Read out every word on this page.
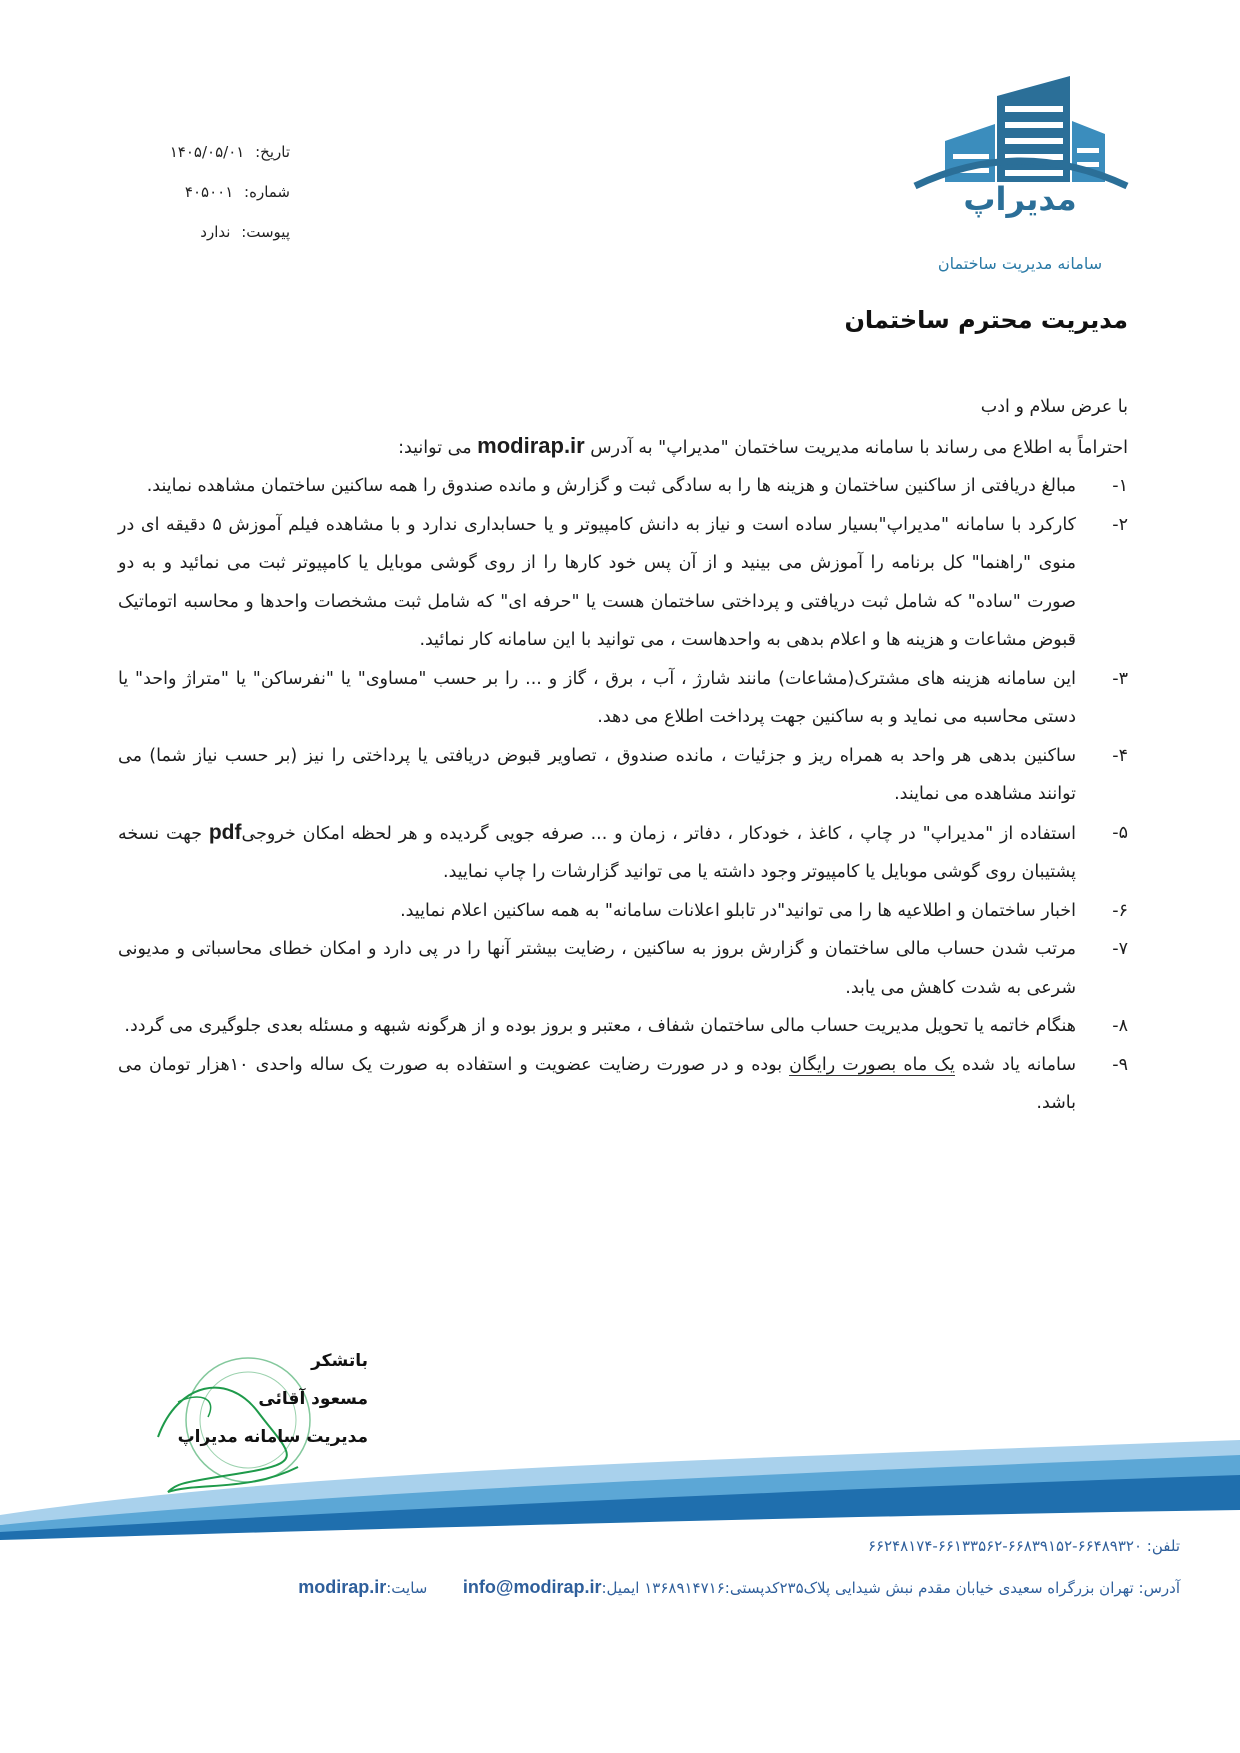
تاریخ: ۱۴۰۵/۰۵/۰۱
شماره: ۴۰۵۰۰۱
پیوست: ندارد
مدیراپ
سامانه مدیریت ساختمان
مدیریت محترم ساختمان

با عرض سلام و ادب

احتراماً به اطلاع می رساند با سامانه مدیریت ساختمان "مدیراپ" به آدرس modirap.ir می توانید:

۱-
مبالغ دریافتی از ساکنین ساختمان و هزینه ها را به سادگی ثبت و گزارش و مانده صندوق را همه ساکنین ساختمان مشاهده نمایند.
۲-
کارکرد با سامانه "مدیراپ"بسیار ساده است و نیاز به دانش کامپیوتر و یا حسابداری ندارد و با مشاهده فیلم آموزش ۵ دقیقه ای در منوی "راهنما" کل برنامه را آموزش می بینید و از آن پس خود کارها را از روی گوشی موبایل یا کامپیوتر ثبت می نمائید و به دو صورت "ساده" که شامل ثبت دریافتی و پرداختی ساختمان هست یا "حرفه ای" که شامل ثبت مشخصات واحدها و محاسبه اتوماتیک قبوض مشاعات و هزینه ها و اعلام بدهی به واحدهاست ، می توانید با این سامانه کار نمائید.
۳-
این سامانه هزینه های مشترک(مشاعات) مانند شارژ ، آب ، برق ، گاز و ... را بر حسب "مساوی" یا "نفرساکن" یا "متراژ واحد" یا دستی محاسبه می نماید و به ساکنین جهت پرداخت اطلاع می دهد.
۴-
ساکنین بدهی هر واحد به همراه ریز و جزئیات ، مانده صندوق ، تصاویر قبوض دریافتی یا پرداختی را نیز (بر حسب نیاز شما) می توانند مشاهده می نمایند.
۵-
استفاده از "مدیراپ" در چاپ ، کاغذ ، خودکار ، دفاتر ، زمان و ... صرفه جویی گردیده و هر لحظه امکان خروجیpdf جهت نسخه پشتیبان روی گوشی موبایل یا کامپیوتر وجود داشته یا می توانید گزارشات را چاپ نمایید.
۶-
اخبار ساختمان و اطلاعیه ها را می توانید"در تابلو اعلانات سامانه" به همه ساکنین اعلام نمایید.
۷-
مرتب شدن حساب مالی ساختمان و گزارش بروز به ساکنین ، رضایت بیشتر آنها را در پی دارد و امکان خطای محاسباتی و مدیونی شرعی به شدت کاهش می یابد.
۸-
هنگام خاتمه یا تحویل مدیریت حساب مالی ساختمان شفاف ، معتبر و بروز بوده و از هرگونه شبهه و مسئله بعدی جلوگیری می گردد.
۹-
سامانه یاد شده یک ماه بصورت رایگان بوده و در صورت رضایت عضویت و استفاده به صورت یک ساله واحدی ۱۰هزار تومان می باشد.
باتشکر
مسعود آقائی
مدیریت سامانه مدیراپ
تلفن: ۶۶۴۸۹۳۲۰-۶۶۸۳۹۱۵۲-۶۶۱۳۳۵۶۲-۶۶۲۴۸۱۷۴
آدرس: تهران بزرگراه سعیدی خیابان مقدم نبش شیدایی پلاک۲۳۵کدپستی:۱۳۶۸۹۱۴۷۱۶ ایمیل:info@modirap.ir  سایت:modirap.ir
